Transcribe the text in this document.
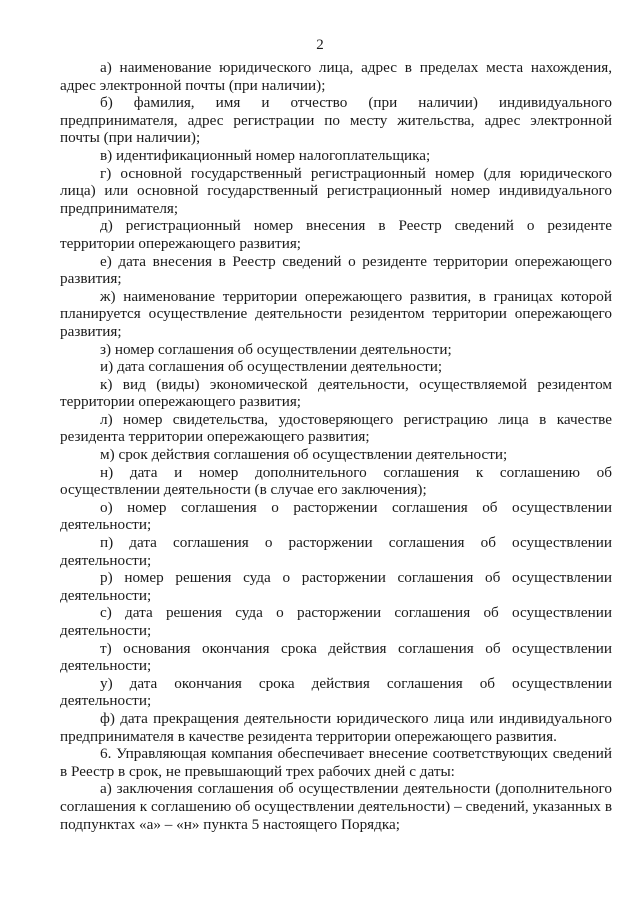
2

а) наименование юридического лица, адрес в пределах места нахождения, адрес электронной почты (при наличии);

б) фамилия, имя и отчество (при наличии) индивидуального предпринимателя, адрес регистрации по месту жительства, адрес электронной почты (при наличии);

в) идентификационный номер налогоплательщика;

г) основной государственный регистрационный номер (для юридического лица) или основной государственный регистрационный номер индивидуального предпринимателя;

д) регистрационный номер внесения в Реестр сведений о резиденте территории опережающего развития;

е) дата внесения в Реестр сведений о резиденте территории опережающего развития;

ж) наименование территории опережающего развития, в границах которой планируется осуществление деятельности резидентом территории опережающего развития;

з) номер соглашения об осуществлении деятельности;

и) дата соглашения об осуществлении деятельности;

к) вид (виды) экономической деятельности, осуществляемой резидентом территории опережающего развития;

л) номер свидетельства, удостоверяющего регистрацию лица в качестве резидента территории опережающего развития;

м) срок действия соглашения об осуществлении деятельности;

н) дата и номер дополнительного соглашения к соглашению об осуществлении деятельности (в случае его заключения);

о) номер соглашения о расторжении соглашения об осуществлении деятельности;

п) дата соглашения о расторжении соглашения об осуществлении деятельности;

р) номер решения суда о расторжении соглашения об осуществлении деятельности;

с) дата решения суда о расторжении соглашения об осуществлении деятельности;

т) основания окончания срока действия соглашения об осуществлении деятельности;

у) дата окончания срока действия соглашения об осуществлении деятельности;

ф) дата прекращения деятельности юридического лица или индивидуального предпринимателя в качестве резидента территории опережающего развития.

6. Управляющая компания обеспечивает внесение соответствующих сведений в Реестр в срок, не превышающий трех рабочих дней с даты:

а) заключения соглашения об осуществлении деятельности (дополнительного соглашения к соглашению об осуществлении деятельности) – сведений, указанных в подпунктах «а» – «н» пункта 5 настоящего Порядка;
